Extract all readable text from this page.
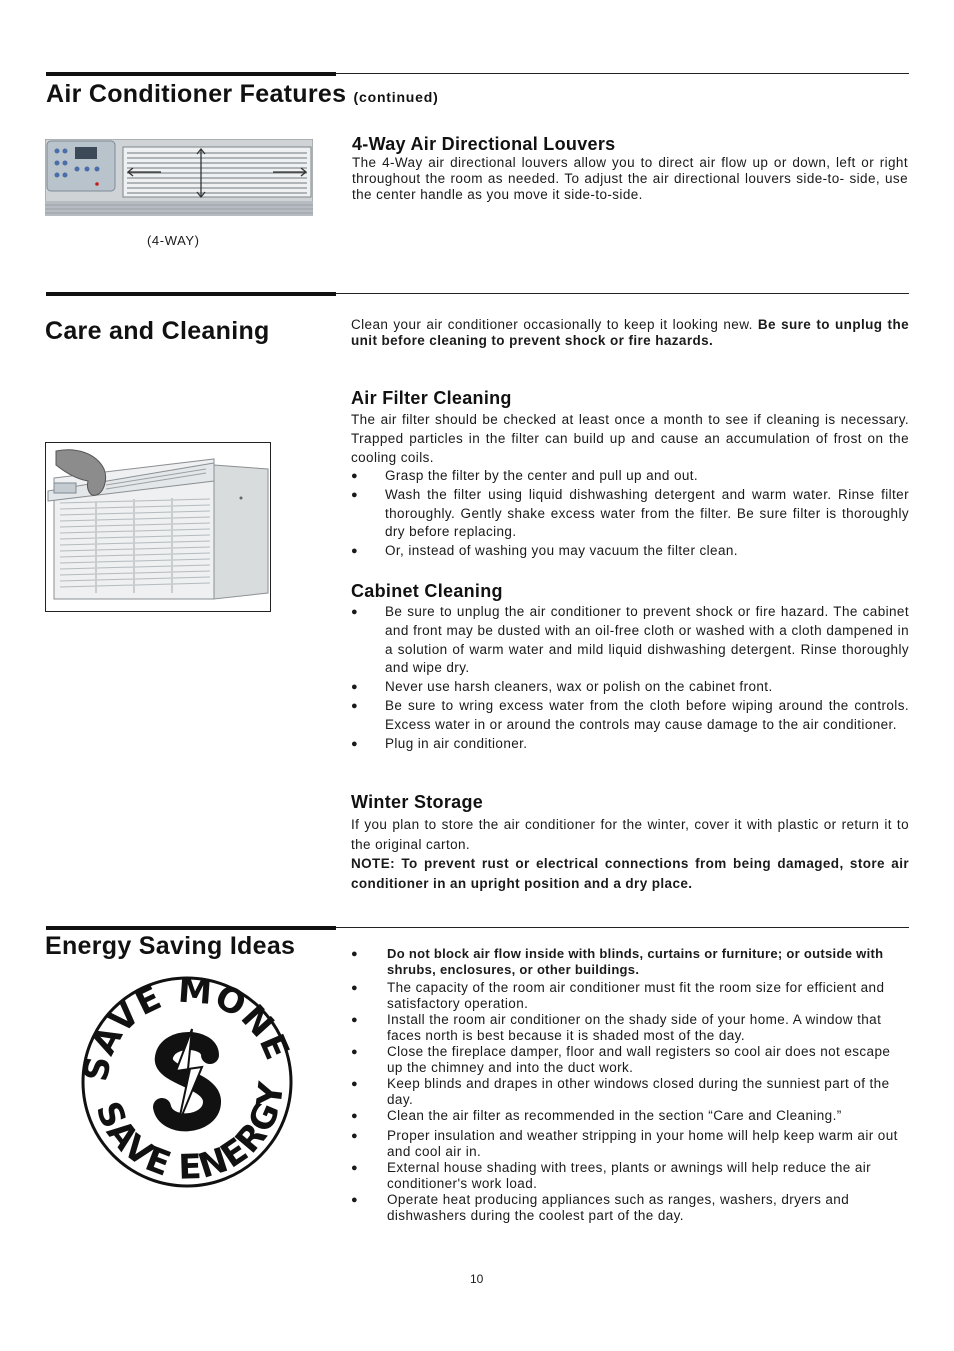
Air Conditioner Features (continued)
(4-WAY)
4-Way Air Directional Louvers
The 4-Way air directional louvers allow you to direct air flow up or down, left or right throughout the room as needed. To adjust the air directional louvers side-to- side, use the center handle as you move it side-to-side.
Care and Cleaning	Clean your air conditioner occasionally to keep it looking new. Be sure to unplug the unit before cleaning to prevent shock or fire hazards.
Air Filter Cleaning
The air filter should be checked at least once a month to see if cleaning is necessary. Trapped particles in the filter can build up and cause an accumulation of frost on the cooling coils.
● Grasp the filter by the center and pull up and out.
● Wash the filter using liquid dishwashing detergent and warm water. Rinse filter thoroughly. Gently shake excess water from the filter. Be sure filter is thoroughly dry before replacing.
● Or, instead of washing you may vacuum the filter clean.
Cabinet Cleaning
● Be sure to unplug the air conditioner to prevent shock or fire hazard. The cabinet and front may be dusted with an oil-free cloth or washed with a cloth dampened in a solution of warm water and mild liquid dishwashing detergent. Rinse thoroughly and wipe dry.
● Never use harsh cleaners, wax or polish on the cabinet front.
● Be sure to wring excess water from the cloth before wiping around the controls. Excess water in or around the controls may cause damage to the air conditioner.
● Plug in air conditioner.
Winter Storage
If you plan to store the air conditioner for the winter, cover it with plastic or return it to the original carton.
NOTE: To prevent rust or electrical connections from being damaged, store air conditioner in an upright position and a dry place.
Energy Saving Ideas
SAVE MONE
SAVE ENERGY
●	Do not block air flow inside with blinds, curtains or furniture; or outside with shrubs, enclosures, or other buildings.
● The capacity of the room air conditioner must fit the room size for efficient and satisfactory operation.
● Install the room air conditioner on the shady side of your home. A window that faces north is best because it is shaded most of the day.
● Close the fireplace damper, floor and wall registers so cool air does not escape up the chimney and into the duct work.
● Keep blinds and drapes in other windows closed during the sunniest part of the day.
● Clean the air filter as recommended in the section “Care and Cleaning.”
● Proper insulation and weather stripping in your home will help keep warm air out and cool air in.
● External house shading with trees, plants or awnings will help reduce the air conditioner's work load.
● Operate heat producing appliances such as ranges, washers, dryers and dishwashers during the coolest part of the day.
10
